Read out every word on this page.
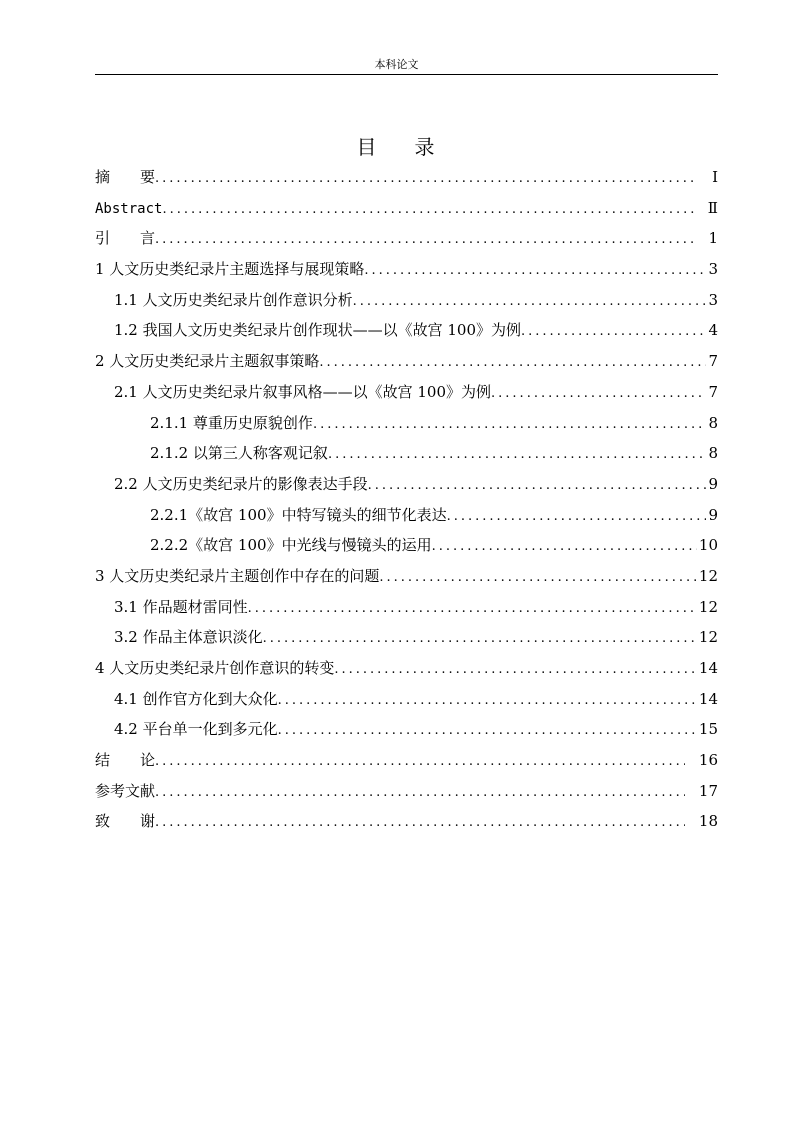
本科论文
目 录
摘　　要 .....	Ⅰ
Abstract .....	Ⅱ
引　　言 .....	1
1 人文历史类纪录片主题选择与展现策略 .....	3
1.1 人文历史类纪录片创作意识分析 .....	3
1.2 我国人文历史类纪录片创作现状——以《故宫 100》为例 .....	4
2 人文历史类纪录片主题叙事策略 .....	7
2.1 人文历史类纪录片叙事风格——以《故宫 100》为例 .....	7
2.1.1 尊重历史原貌创作 .....	8
2.1.2 以第三人称客观记叙 .....	8
2.2 人文历史类纪录片的影像表达手段 .....	9
2.2.1《故宫 100》中特写镜头的细节化表达 .....	9
2.2.2《故宫 100》中光线与慢镜头的运用 .....	10
3 人文历史类纪录片主题创作中存在的问题 .....	12
3.1 作品题材雷同性 .....	12
3.2 作品主体意识淡化 .....	12
4 人文历史类纪录片创作意识的转变 .....	14
4.1 创作官方化到大众化 .....	14
4.2 平台单一化到多元化 .....	15
结　　论 .....	16
参考文献 .....	17
致　　谢 .....	18
